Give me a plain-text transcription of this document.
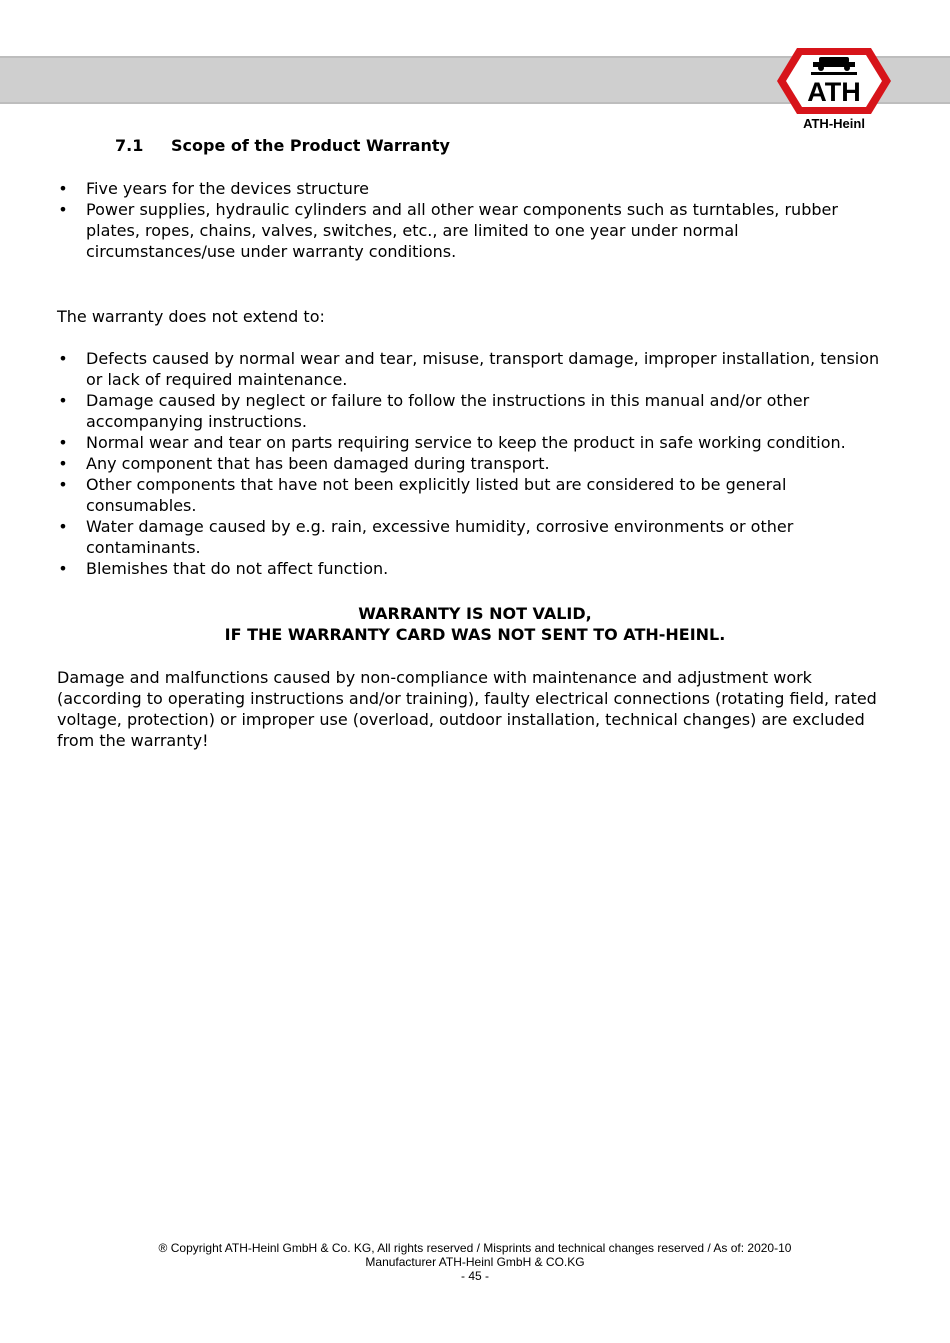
ATH
ATH-Heinl
7.1 Scope of the Product Warranty
• Five years for the devices structure
• Power supplies, hydraulic cylinders and all other wear components such as turntables, rubber plates, ropes, chains, valves, switches, etc., are limited to one year under normal circumstances/use under warranty conditions.

The warranty does not extend to:

• Defects caused by normal wear and tear, misuse, transport damage, improper installation, tension or lack of required maintenance.
• Damage caused by neglect or failure to follow the instructions in this manual and/or other accompanying instructions.
• Normal wear and tear on parts requiring service to keep the product in safe working condition.
• Any component that has been damaged during transport.
• Other components that have not been explicitly listed but are considered to be general consumables.
• Water damage caused by e.g. rain, excessive humidity, corrosive environments or other contaminants.
• Blemishes that do not affect function.
WARRANTY IS NOT VALID,
IF THE WARRANTY CARD WAS NOT SENT TO ATH-HEINL.

Damage and malfunctions caused by non-compliance with maintenance and adjustment work (according to operating instructions and/or training), faulty electrical connections (rotating field, rated voltage, protection) or improper use (overload, outdoor installation, technical changes) are excluded from the warranty!

® Copyright ATH-Heinl GmbH & Co. KG, All rights reserved / Misprints and technical changes reserved / As of: 2020-10
Manufacturer ATH-Heinl GmbH & CO.KG
- 45 -
